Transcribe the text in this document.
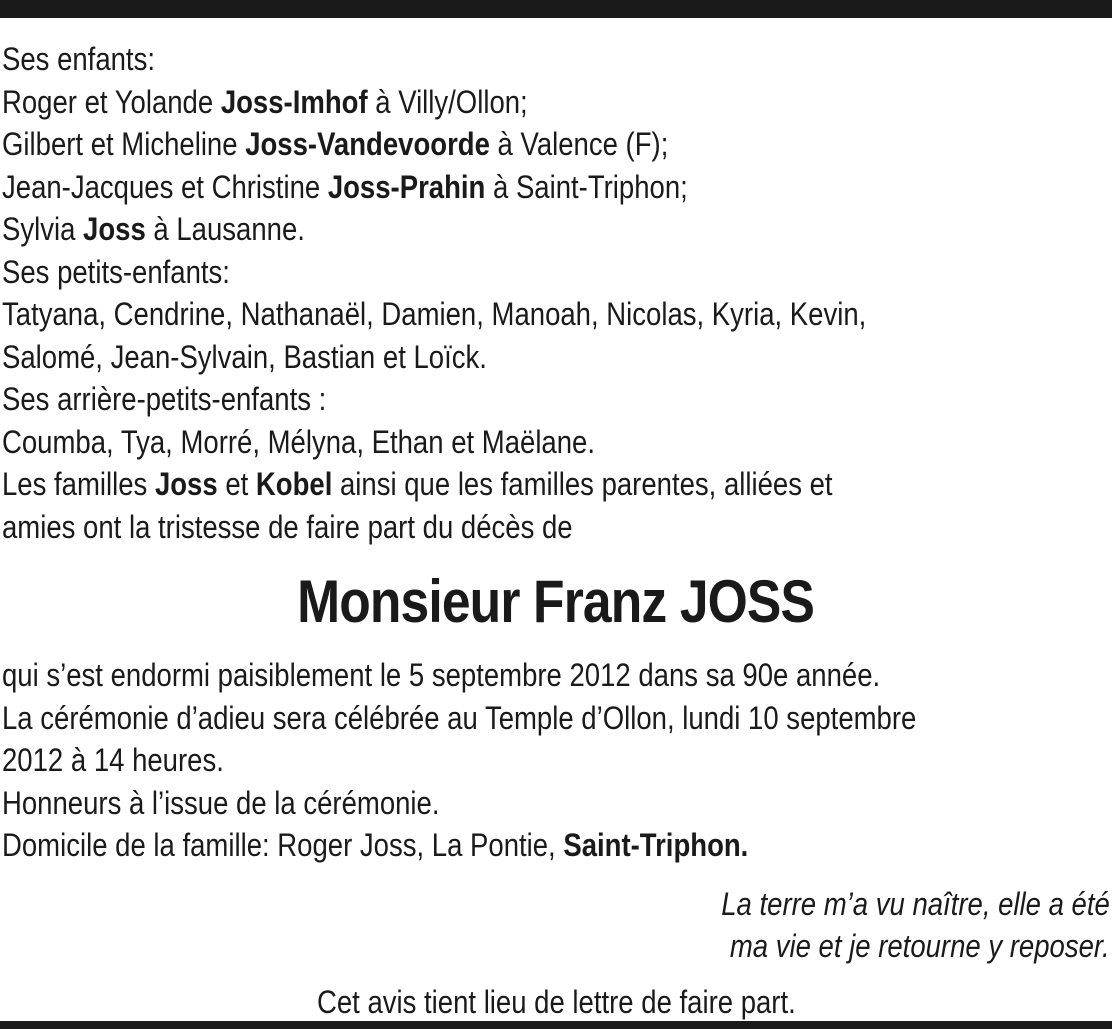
Ses enfants:
Roger et Yolande Joss-Imhof à Villy/Ollon;
Gilbert et Micheline Joss-Vandevoorde à Valence (F);
Jean-Jacques et Christine Joss-Prahin à Saint-Triphon;
Sylvia Joss à Lausanne.
Ses petits-enfants:
Tatyana, Cendrine, Nathanaël, Damien, Manoah, Nicolas, Kyria, Kevin,
Salomé, Jean-Sylvain, Bastian et Loïck.
Ses arrière-petits-enfants :
Coumba, Tya, Morré, Mélyna, Ethan et Maëlane.
Les familles Joss et Kobel ainsi que les familles parentes, alliées et
amies ont la tristesse de faire part du décès de
Monsieur Franz JOSS
qui s’est endormi paisiblement le 5 septembre 2012 dans sa 90e année.
La cérémonie d’adieu sera célébrée au Temple d’Ollon, lundi 10 septembre
2012 à 14 heures.
Honneurs à l’issue de la cérémonie.
Domicile de la famille: Roger Joss, La Pontie, Saint-Triphon.
La terre m’a vu naître, elle a été
ma vie et je retourne y reposer.
Cet avis tient lieu de lettre de faire part.
